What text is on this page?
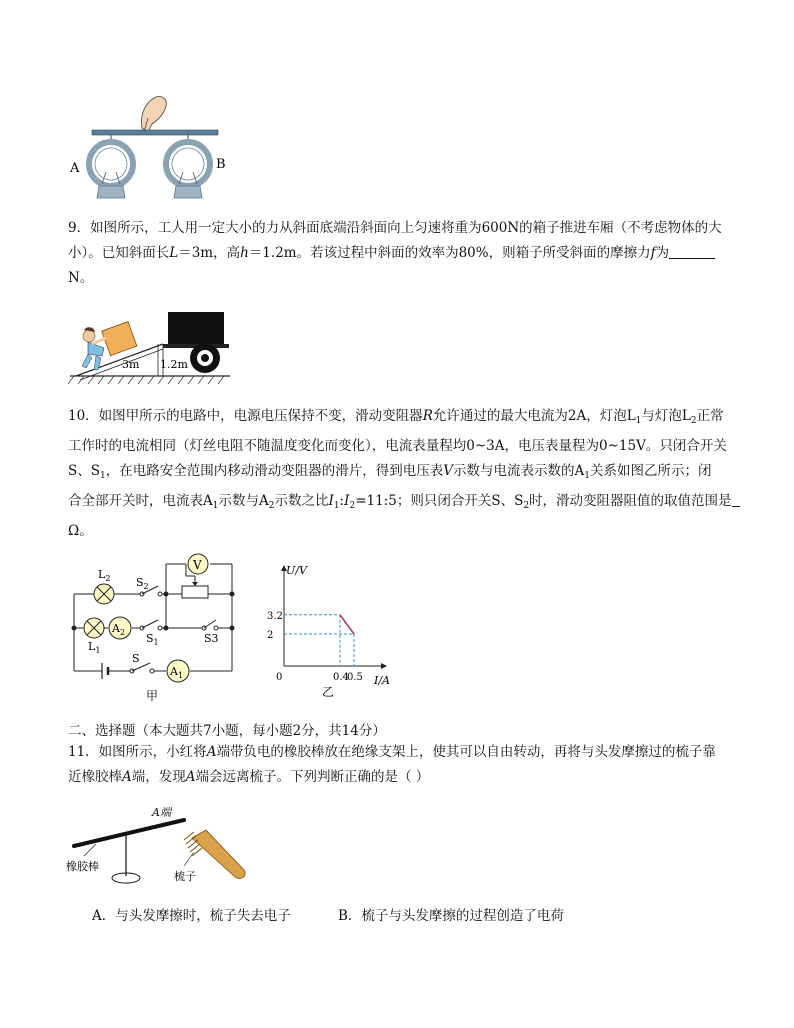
A	B
9．如图所示，工人用一定大小的力从斜面底端沿斜面向上匀速将重为600N的箱子推进车厢（不考虑物体的大
小）。已知斜面长L＝3m，高h＝1.2m。若该过程中斜面的效率为80%，则箱子所受斜面的摩擦力f为
N。
3m 1.2m
10．如图甲所示的电路中，电源电压保持不变，滑动变阻器R允许通过的最大电流为2A，灯泡$L_1$与灯泡$L_2$正常
工作时的电流相同（灯丝电阻不随温度变化而变化），电流表量程均0~3A，电压表量程为0~15V。只闭合开关
S、$S_1$，在电路安全范围内移动滑动变阻器的滑片，得到电压表V示数与电流表示数的$A_1$关系如图乙所示；闭
合全部开关时，电流表$A_1$示数与$A_2$示数之比$I_1:I_2=11:5$；则只闭合开关S、$S_2$时，滑动变阻器阻值的取值范围是
Ω。
V
$L_2$ $S_2$
$L_1$
$A_2$ $S_1$	S3
S
$A_1$
甲
U/V
I/A
0
乙
3.2
2
0.4
0.5
二、选择题（本大题共7小题，每小题2分，共14分）
11．如图所示，小红将A端带负电的橡胶棒放在绝缘支架上，使其可以自由转动，再将与头发摩擦过的梳子靠
近橡胶棒A端，发现A端会远离梳子。下列判断正确的是（ ）
A端
橡胶棒
梳子
A．与头发摩擦时，梳子失去电子	B．梳子与头发摩擦的过程创造了电荷
